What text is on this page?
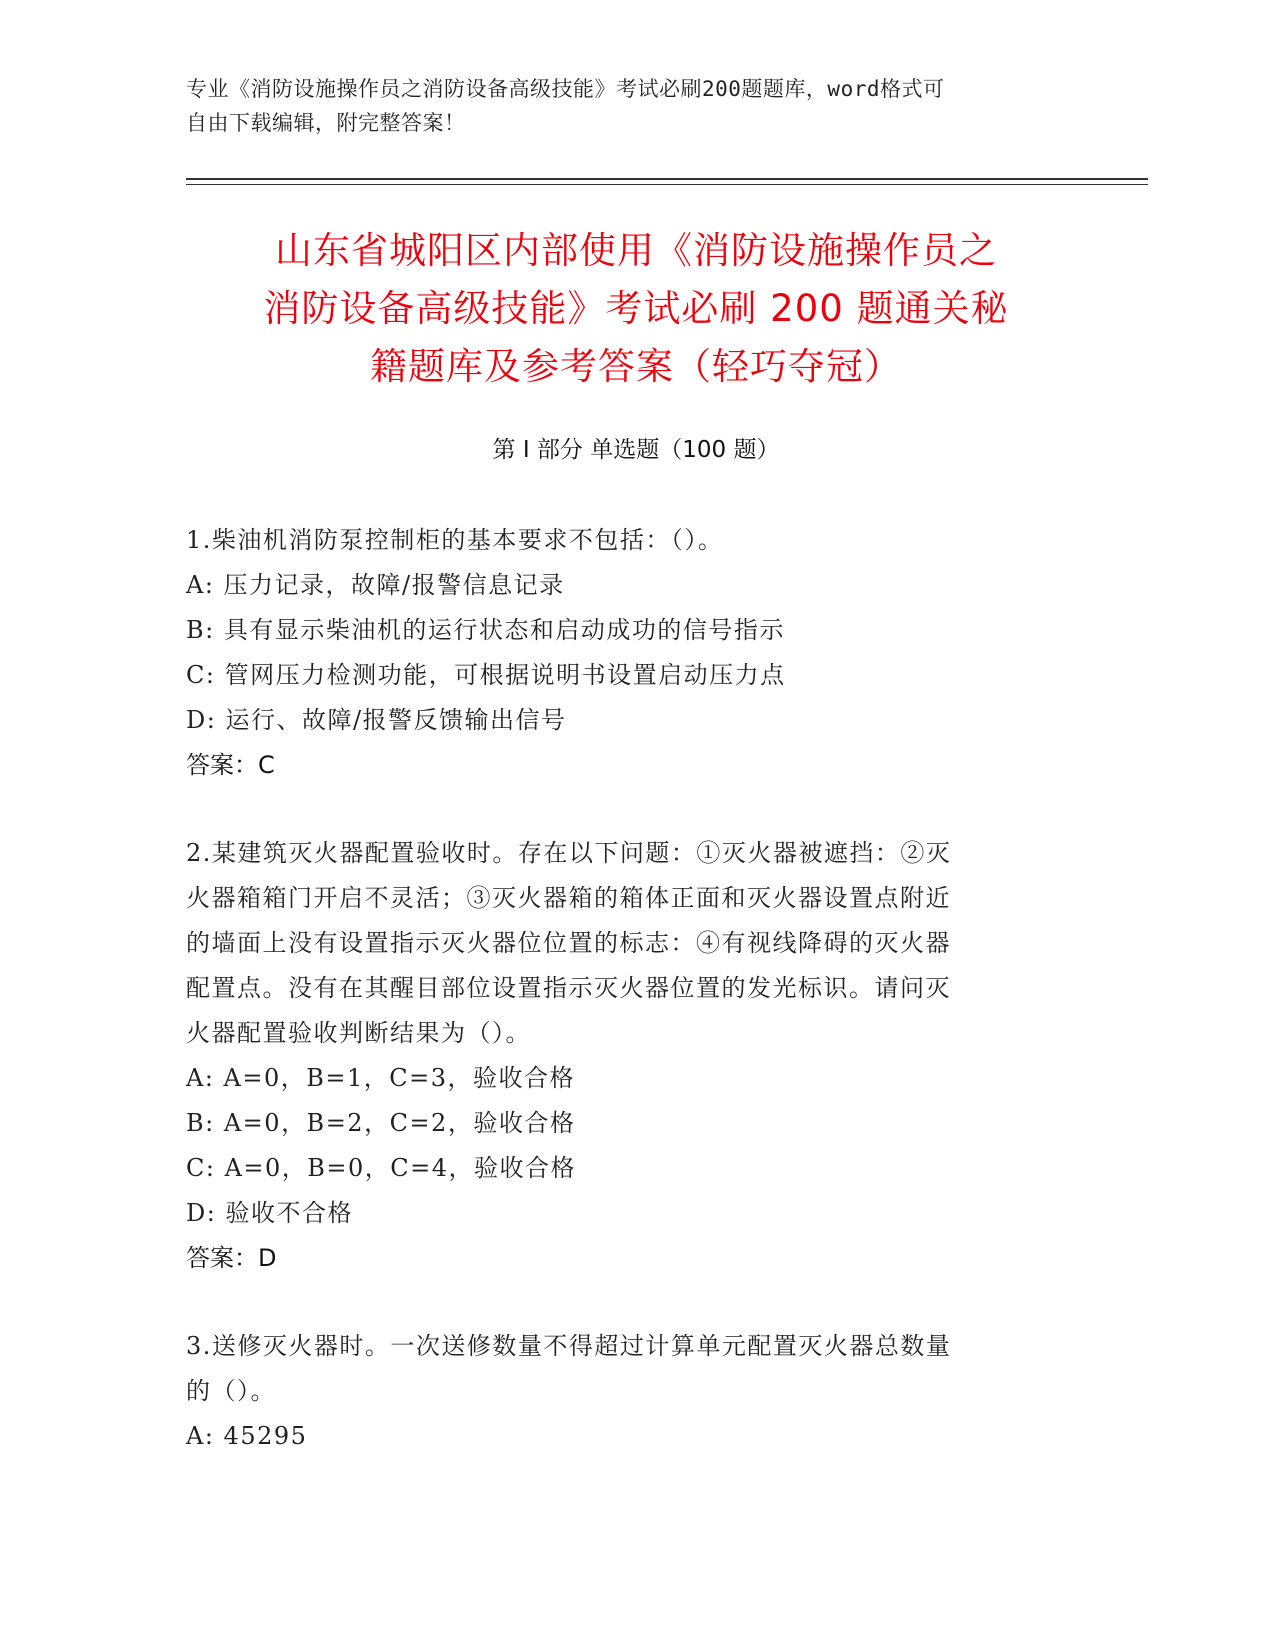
专业《消防设施操作员之消防设备高级技能》考试必刷200题题库，word格式可
自由下载编辑，附完整答案！
山东省城阳区内部使用《消防设施操作员之
消防设备高级技能》考试必刷 200 题通关秘
籍题库及参考答案（轻巧夺冠）
第 I 部分 单选题（100 题）
1.柴油机消防泵控制柜的基本要求不包括：（）。
A: 压力记录，故障/报警信息记录
B: 具有显示柴油机的运行状态和启动成功的信号指示
C: 管网压力检测功能，可根据说明书设置启动压力点
D: 运行、故障/报警反馈输出信号
答案：C
2.某建筑灭火器配置验收时。存在以下问题：①灭火器被遮挡：②灭
火器箱箱门开启不灵活；③灭火器箱的箱体正面和灭火器设置点附近
的墙面上没有设置指示灭火器位位置的标志：④有视线降碍的灭火器
配置点。没有在其醒目部位设置指示灭火器位置的发光标识。请问灭
火器配置验收判断结果为（）。
A: A=0，B=1，C=3，验收合格
B: A=0，B=2，C=2，验收合格
C: A=0，B=0，C=4，验收合格
D: 验收不合格
答案：D
3.送修灭火器时。一次送修数量不得超过计算单元配置灭火器总数量
的（）。
A: 45295
